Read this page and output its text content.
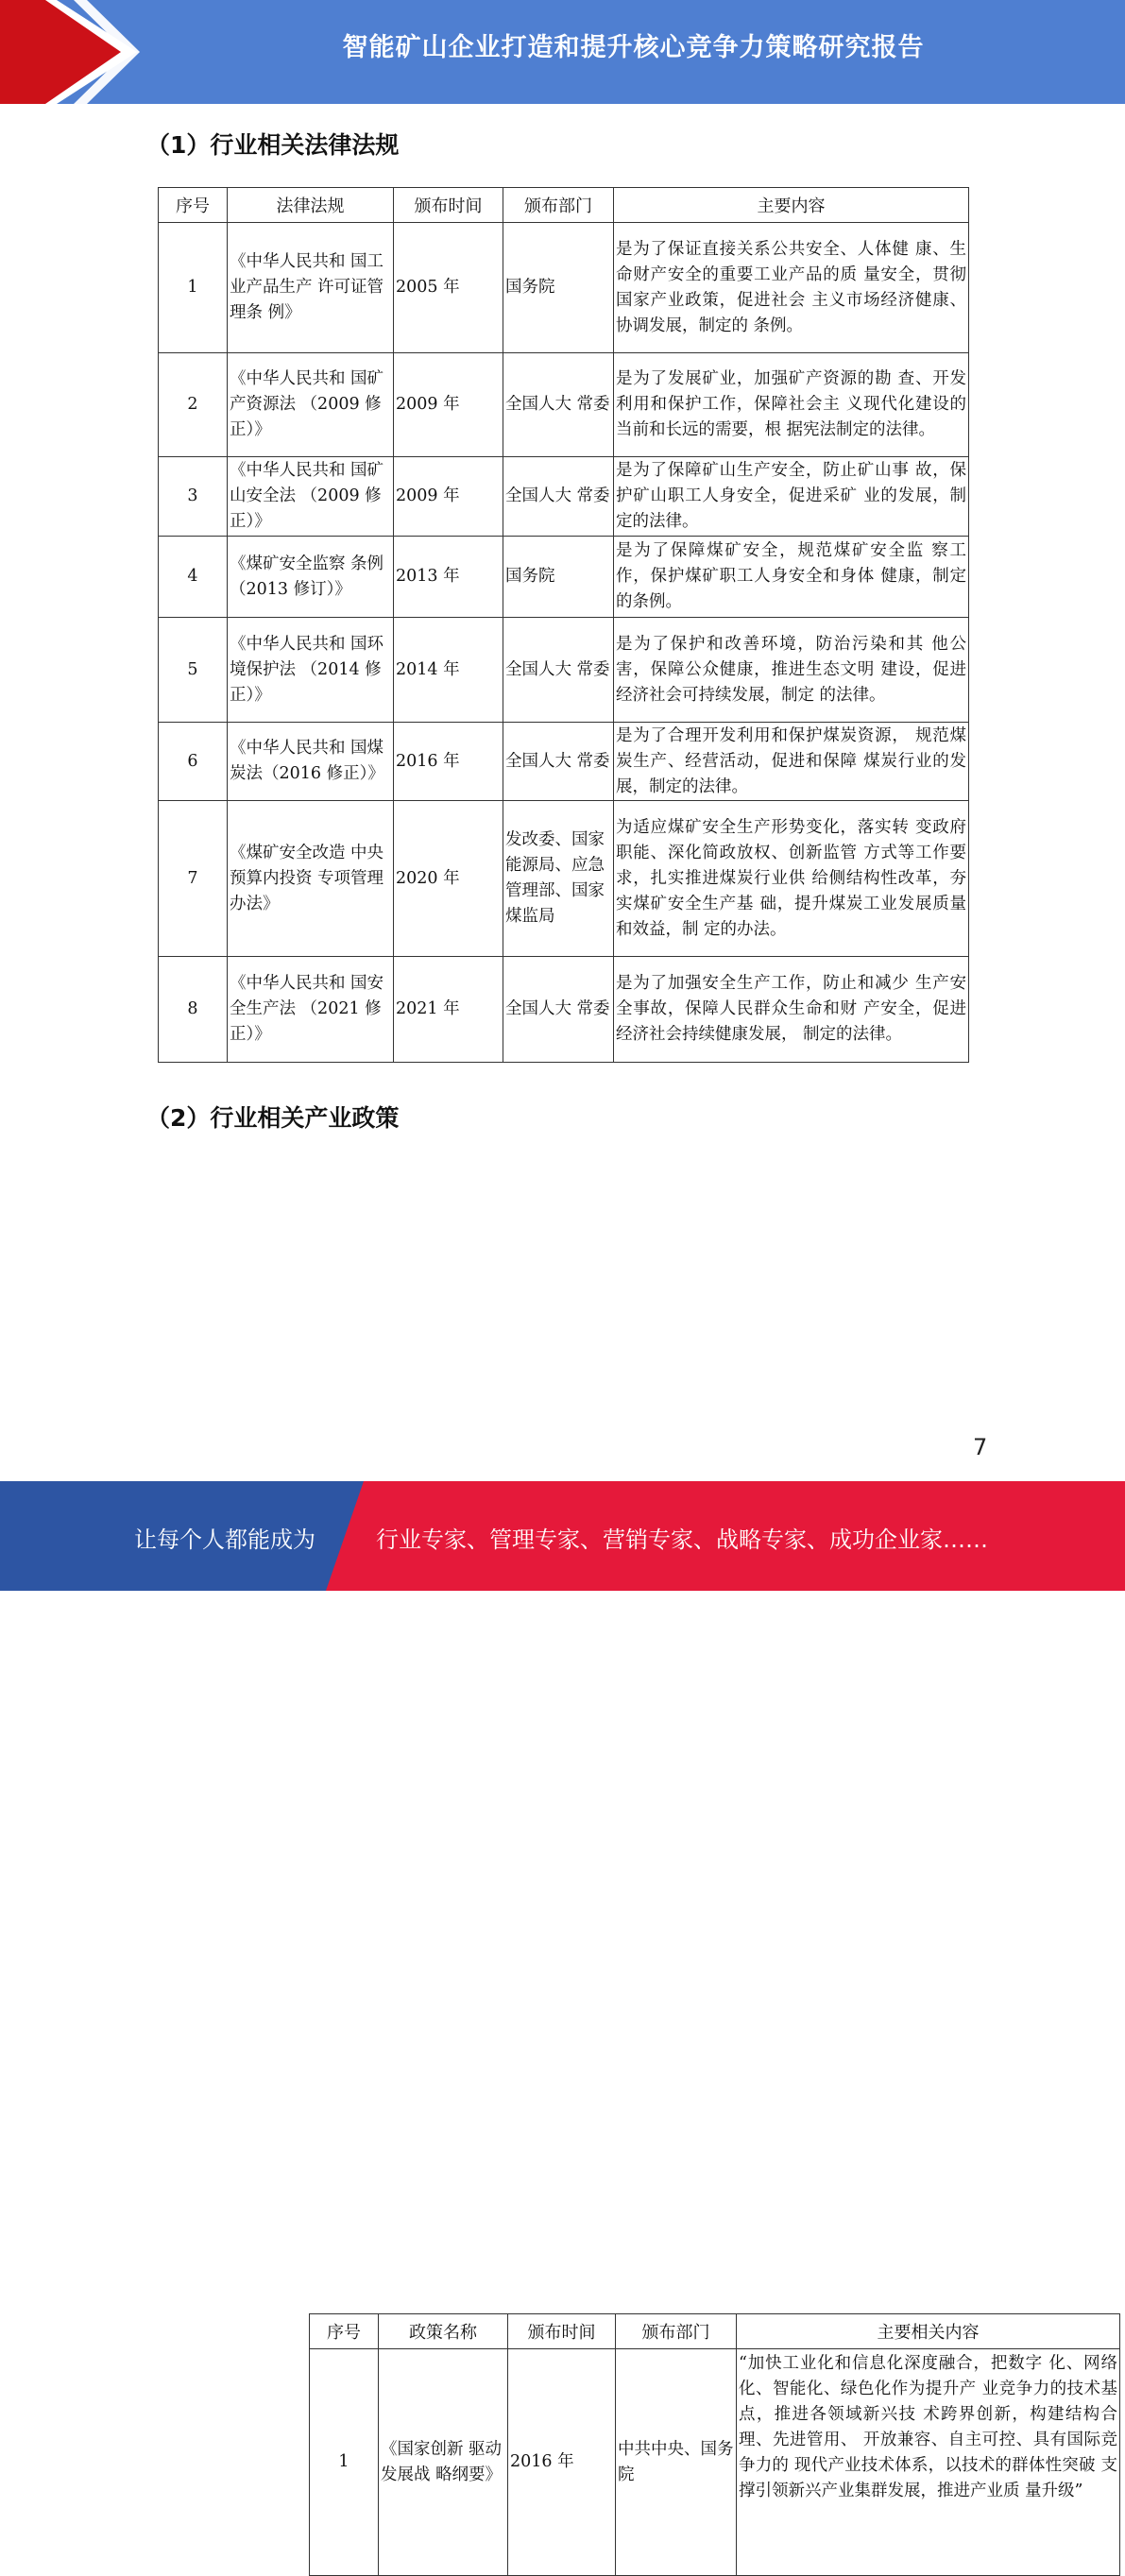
智能矿山企业打造和提升核心竞争力策略研究报告
（1）行业相关法律法规
序号	法律法规	颁布时间	颁布部门	主要内容
1	《中华人民共和 国工业产品生产 许可证管理条 例》	2005 年	国务院	是为了保证直接关系公共安全、人体健 康、生命财产安全的重要工业产品的质 量安全，贯彻国家产业政策，促进社会 主义市场经济健康、协调发展，制定的 条例。
2	《中华人民共和 国矿产资源法 （2009 修正）》	2009 年	全国人大 常委	是为了发展矿业，加强矿产资源的勘 查、开发利用和保护工作，保障社会主 义现代化建设的当前和长远的需要，根 据宪法制定的法律。
3	《中华人民共和 国矿山安全法 （2009 修正）》	2009 年	全国人大 常委	是为了保障矿山生产安全，防止矿山事 故，保护矿山职工人身安全，促进采矿 业的发展，制定的法律。
4	《煤矿安全监察 条例（2013 修订）》	2013 年	国务院	是为了保障煤矿安全，规范煤矿安全监 察工作，保护煤矿职工人身安全和身体 健康，制定的条例。
5	《中华人民共和 国环境保护法 （2014 修正）》	2014 年	全国人大 常委	是为了保护和改善环境，防治污染和其 他公害，保障公众健康，推进生态文明 建设，促进经济社会可持续发展，制定 的法律。
6	《中华人民共和 国煤炭法（2016 修正）》	2016 年	全国人大 常委	是为了合理开发利用和保护煤炭资源， 规范煤炭生产、经营活动，促进和保障 煤炭行业的发展，制定的法律。
7	《煤矿安全改造 中央预算内投资 专项管理办法》	2020 年	发改委、国家能源局、应急管理部、国家煤监局	为适应煤矿安全生产形势变化，落实转 变政府职能、深化简政放权、创新监管 方式等工作要求，扎实推进煤炭行业供 给侧结构性改革，夯实煤矿安全生产基 础，提升煤炭工业发展质量和效益，制 定的办法。
8	《中华人民共和 国安全生产法 （2021 修正）》	2021 年	全国人大 常委	是为了加强安全生产工作，防止和减少 生产安全事故，保障人民群众生命和财 产安全，促进经济社会持续健康发展， 制定的法律。
（2）行业相关产业政策
序号	政策名称	颁布时间	颁布部门	主要相关内容
1	《国家创新 驱动发展战 略纲要》	2016 年	中共中央、国务院	“加快工业化和信息化深度融合，把数字 化、网络化、智能化、绿色化作为提升产 业竞争力的技术基点，推进各领域新兴技 术跨界创新，构建结构合理、先进管用、 开放兼容、自主可控、具有国际竞争力的 现代产业技术体系，以技术的群体性突破 支撑引领新兴产业集群发展，推进产业质 量升级”
7
让每个人都能成为	行业专家、管理专家、营销专家、战略专家、成功企业家……
